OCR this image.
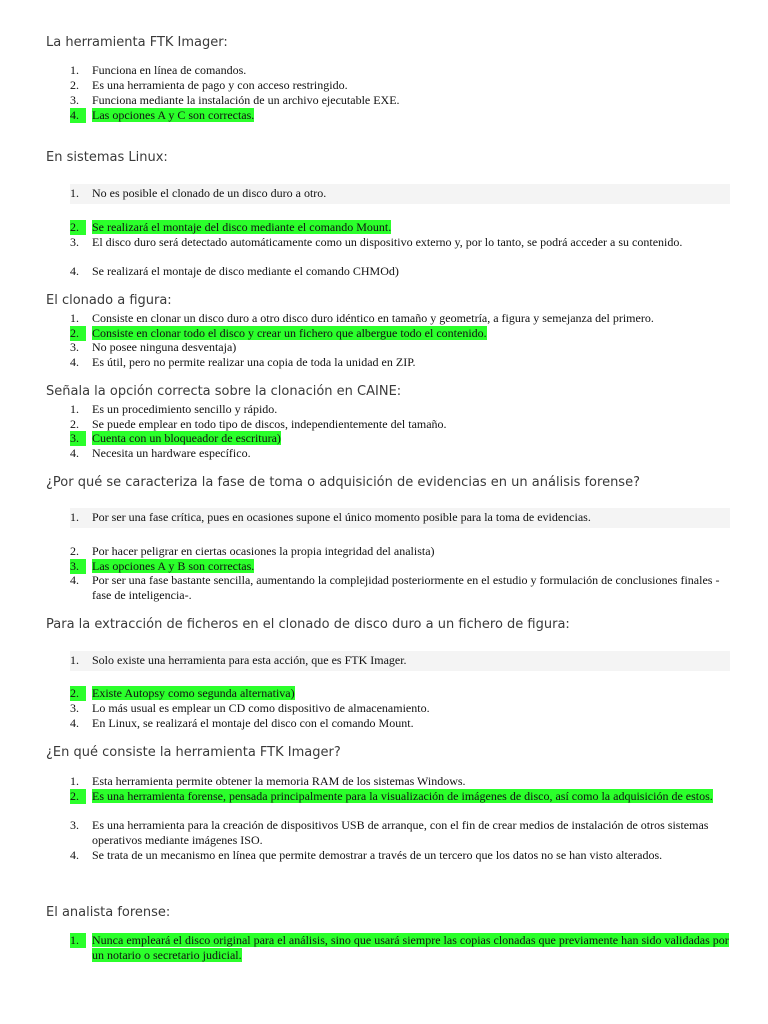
La herramienta FTK Imager:
1.	Funciona en línea de comandos.
2.	Es una herramienta de pago y con acceso restringido.
3.	Funciona mediante la instalación de un archivo ejecutable EXE.
4.	Las opciones A y C son correctas.
En sistemas Linux:
1.	No es posible el clonado de un disco duro a otro.
2.	Se realizará el montaje del disco mediante el comando Mount.
3.	El disco duro será detectado automáticamente como un dispositivo externo y, por lo tanto, se podrá acceder a su contenido.
4.	Se realizará el montaje de disco mediante el comando CHMOd)
El clonado a figura:
1.	Consiste en clonar un disco duro a otro disco duro idéntico en tamaño y geometría, a figura y semejanza del primero.
2.	Consiste en clonar todo el disco y crear un fichero que albergue todo el contenido.
3.	No posee ninguna desventaja)
4.	Es útil, pero no permite realizar una copia de toda la unidad en ZIP.
Señala la opción correcta sobre la clonación en CAINE:
1.	Es un procedimiento sencillo y rápido.
2.	Se puede emplear en todo tipo de discos, independientemente del tamaño.
3.	Cuenta con un bloqueador de escritura)
4.	Necesita un hardware específico.
¿Por qué se caracteriza la fase de toma o adquisición de evidencias en un análisis forense?
1.	Por ser una fase crítica, pues en ocasiones supone el único momento posible para la toma de evidencias.
2.	Por hacer peligrar en ciertas ocasiones la propia integridad del analista)
3.	Las opciones A y B son correctas.
4.	Por ser una fase bastante sencilla, aumentando la complejidad posteriormente en el estudio y formulación de conclusiones finales -fase de inteligencia-.
Para la extracción de ficheros en el clonado de disco duro a un fichero de figura:
1.	Solo existe una herramienta para esta acción, que es FTK Imager.
2.	Existe Autopsy como segunda alternativa)
3.	Lo más usual es emplear un CD como dispositivo de almacenamiento.
4.	En Linux, se realizará el montaje del disco con el comando Mount.
¿En qué consiste la herramienta FTK Imager?
1.	Esta herramienta permite obtener la memoria RAM de los sistemas Windows.
2.	Es una herramienta forense, pensada principalmente para la visualización de imágenes de disco, así como la adquisición de estos.
3.	Es una herramienta para la creación de dispositivos USB de arranque, con el fin de crear medios de instalación de otros sistemas operativos mediante imágenes ISO.
4.	Se trata de un mecanismo en línea que permite demostrar a través de un tercero que los datos no se han visto alterados.
El analista forense:
1.	Nunca empleará el disco original para el análisis, sino que usará siempre las copias clonadas que previamente han sido validadas por un notario o secretario judicial.
